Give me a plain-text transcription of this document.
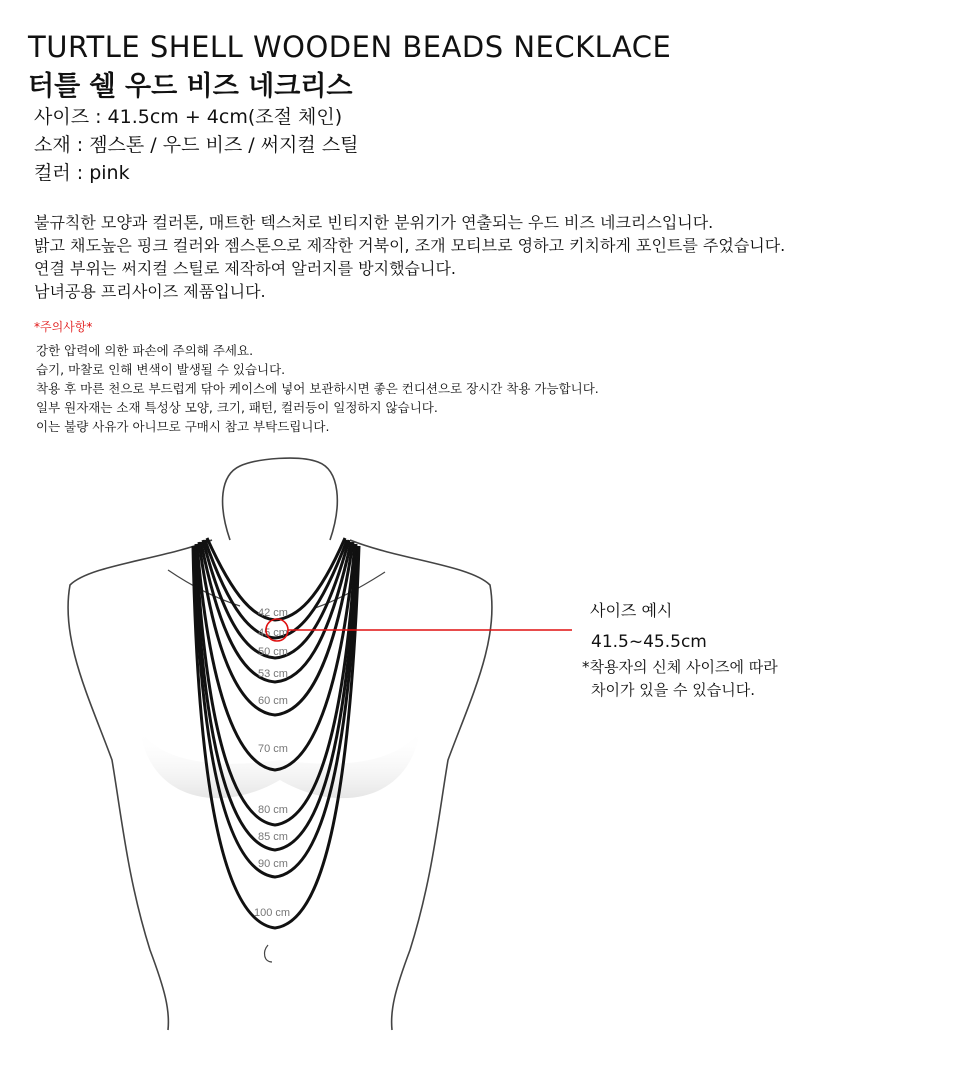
TURTLE SHELL WOODEN BEADS NECKLACE
터틀 쉘 우드 비즈 네크리스
사이즈 : 41.5cm + 4cm(조절 체인)
소재 : 젬스톤 / 우드 비즈 / 써지컬 스틸
컬러 : pink
불규칙한 모양과 컬러톤, 매트한 텍스처로 빈티지한 분위기가 연출되는 우드 비즈 네크리스입니다.
밝고 채도높은 핑크 컬러와 젬스톤으로 제작한 거북이, 조개 모티브로 영하고 키치하게 포인트를 주었습니다.
연결 부위는 써지컬 스틸로 제작하여 알러지를 방지했습니다.
남녀공용 프리사이즈 제품입니다.
*주의사항*
강한 압력에 의한 파손에 주의해 주세요.
습기, 마찰로 인해 변색이 발생될 수 있습니다.
착용 후 마른 천으로 부드럽게 닦아 케이스에 넣어 보관하시면 좋은 컨디션으로 장시간 착용 가능합니다.
일부 원자재는 소재 특성상 모양, 크기, 패턴, 컬러등이 일정하지 않습니다.
이는 불량 사유가 아니므로 구매시 참고 부탁드립니다.
42 cm
45 cm
50 cm
53 cm
60 cm
70 cm
80 cm
85 cm
90 cm
100 cm
사이즈 예시
41.5~45.5cm
*착용자의 신체 사이즈에 따라
차이가 있을 수 있습니다.
